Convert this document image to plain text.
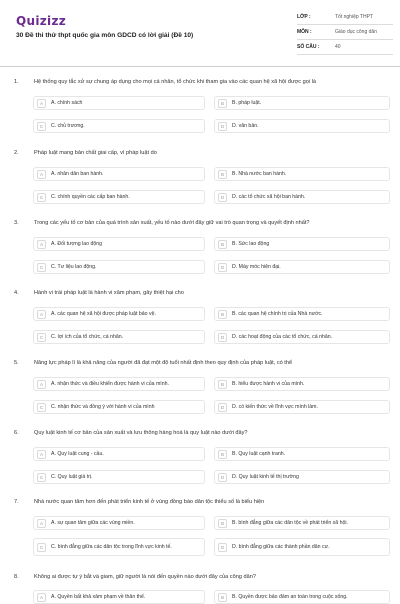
Quizizz
30 Đề thi thử thpt quốc gia môn GDCD có lời giải (Đề 10)
LỚP :	Tốt nghiệp THPT
MÔN :	Giáo dục công dân
SỐ CÂU :	40
1.	Hệ thống quy tắc xử sự chung áp dụng cho mọi cá nhân, tổ chức khi tham gia vào các quan hệ xã hội được gọi là
A	A. chính sách	B	B. pháp luật.
C	C. chủ trương.	D	D. văn bản.
2.	Pháp luật mang bản chất giai cấp, vì pháp luật do
A	A. nhân dân ban hành.	B	B. Nhà nước ban hành.
C	C. chính quyền các cấp ban hành.	D	D. các tổ chức xã hội ban hành.
3.	Trong các yếu tố cơ bản của quá trình sản xuất, yếu tố nào dưới đây giữ vai trò quan trọng và quyết định nhất?
A	A. Đối tượng lao động	B	B. Sức lao động
C	C. Tư liệu lao động.	D	D. Máy móc hiện đại.
4.	Hành vi trái pháp luật là hành vi xâm phạm, gây thiệt hại cho
A	A. các quan hệ xã hội được pháp luật bảo vệ.	B	B. các quan hệ chính trị của Nhà nước.
C	C. lợi ích của tổ chức, cá nhân.	D	D. các hoạt động của các tổ chức, cá nhân.
5.	Năng lực pháp lí là khả năng của người đã đạt một độ tuổi nhất định theo quy định của pháp luật, có thể
A	A. nhận thức và điều khiển được hành vi của mình.	B	B. hiểu được hành vi của mình.
C	C. nhận thức và đồng ý với hành vi của mình	D	D. có kiến thức về lĩnh vực mình làm.
6.	Quy luật kinh tế cơ bản của sản xuất và lưu thông hàng hoá là quy luật nào dưới đây?
A	A. Quy luật cung - cầu.	B	B. Quy luật cạnh tranh.
C	C. Quy luật giá trị.	D	D. Quy luật kinh tế thị trường
7.	Nhà nước quan tâm hơn đến phát triển kinh tế ở vùng đồng bào dân tộc thiểu số là biểu hiện
A	A. sự quan tâm giữa các vùng miền.	B	B. bình đẳng giữa các dân tộc về phát triển xã hội.
C	C. bình đẳng giữa các dân tộc trong lĩnh vực kinh tế.	D	D. bình đẳng giữa các thành phần dân cư.
8.	Không ai được tự ý bắt và giam, giữ người là nói đến quyền nào dưới đây của công dân?
A	A. Quyền bất khả xâm phạm về thân thể.	B	B. Quyền được bảo đảm an toàn trong cuộc sống.
